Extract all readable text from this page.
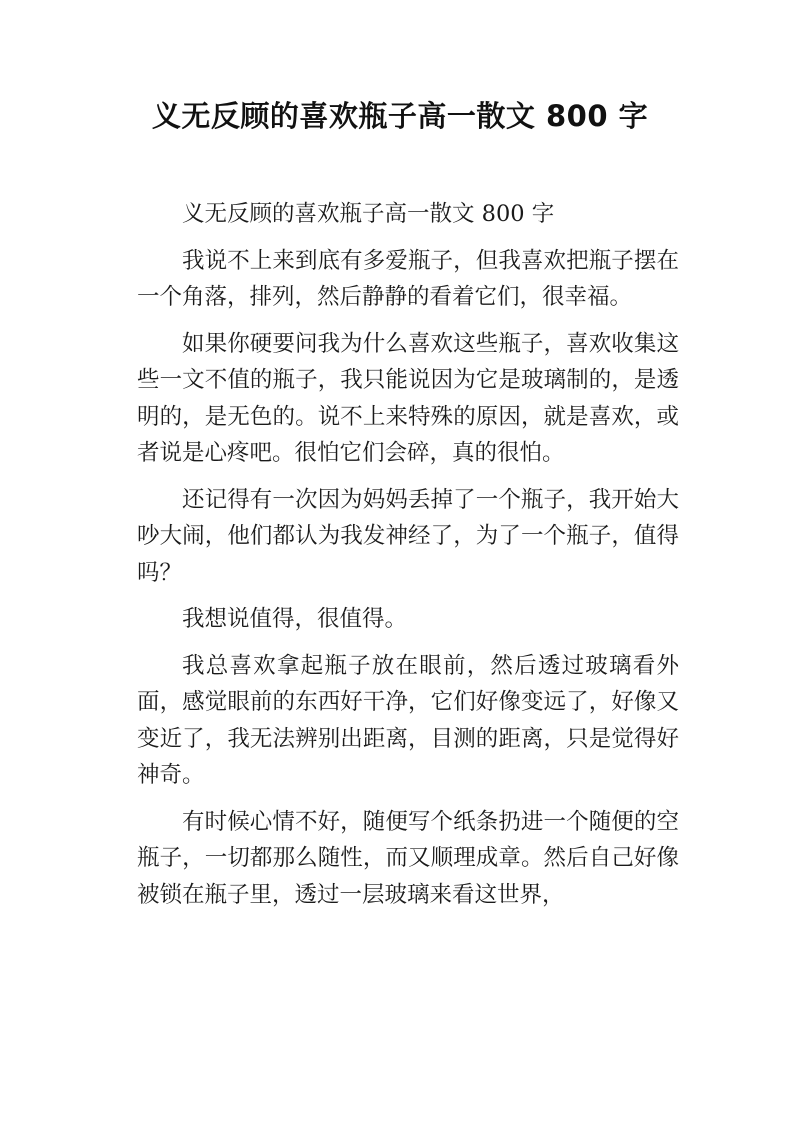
义无反顾的喜欢瓶子高一散文 800 字

义无反顾的喜欢瓶子高一散文 800 字

我说不上来到底有多爱瓶子，但我喜欢把瓶子摆在一个角落，排列，然后静静的看着它们，很幸福。

如果你硬要问我为什么喜欢这些瓶子，喜欢收集这些一文不值的瓶子，我只能说因为它是玻璃制的，是透明的，是无色的。说不上来特殊的原因，就是喜欢，或者说是心疼吧。很怕它们会碎，真的很怕。

还记得有一次因为妈妈丢掉了一个瓶子，我开始大吵大闹，他们都认为我发神经了，为了一个瓶子，值得吗？

我想说值得，很值得。

我总喜欢拿起瓶子放在眼前，然后透过玻璃看外面，感觉眼前的东西好干净，它们好像变远了，好像又变近了，我无法辨别出距离，目测的距离，只是觉得好神奇。

有时候心情不好，随便写个纸条扔进一个随便的空瓶子，一切都那么随性，而又顺理成章。然后自己好像被锁在瓶子里，透过一层玻璃来看这世界，
